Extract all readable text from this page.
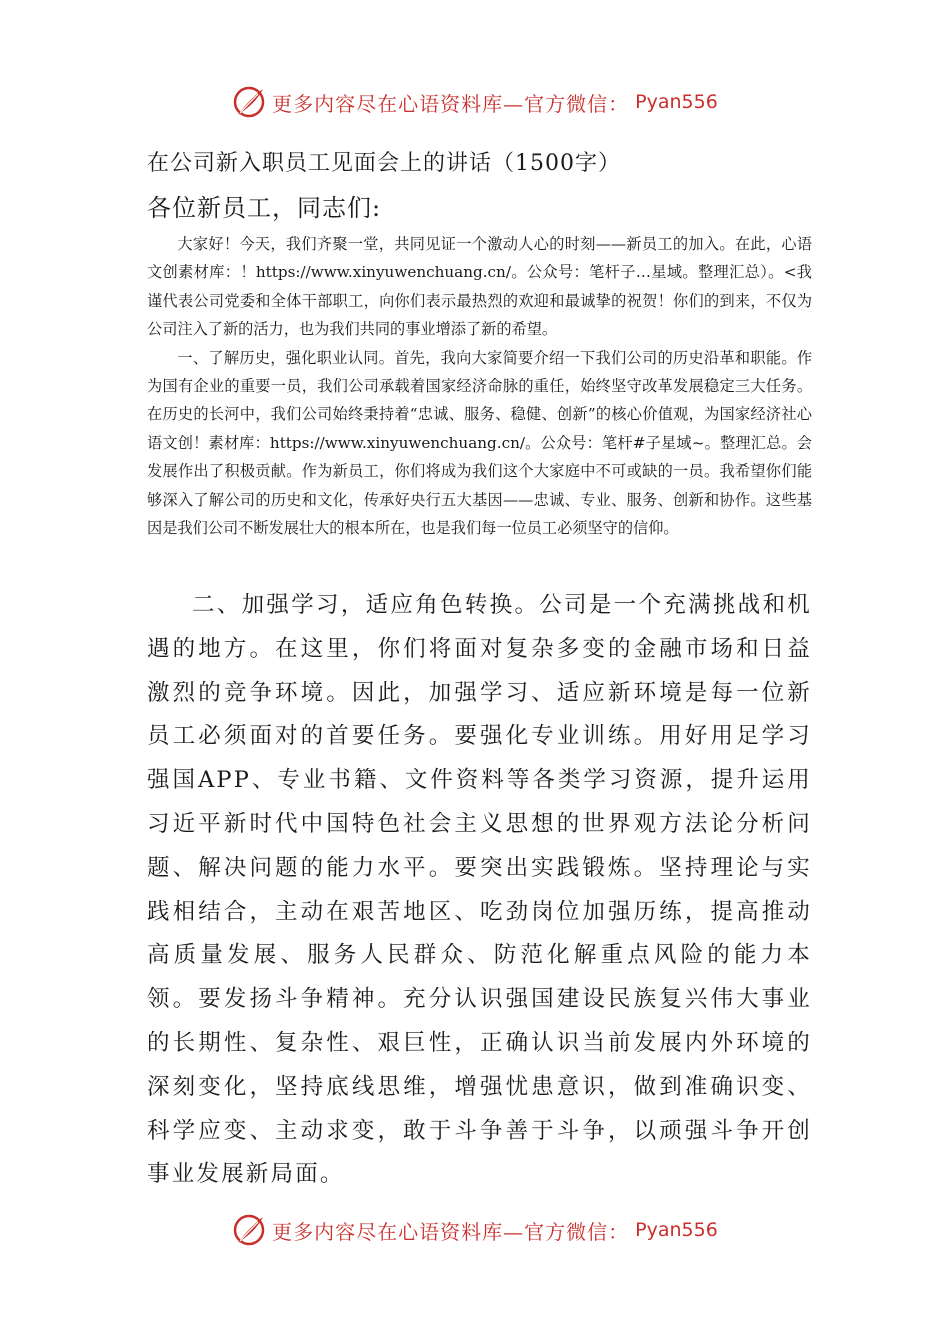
更多内容尽在心语资料库—官方微信： Pyan556
在公司新入职员工见面会上的讲话（1500字）
各位新员工，同志们:

大家好！今天，我们齐聚一堂，共同见证一个激动人心的时刻——新员工的加入。在此，心语文创素材库：！https://www.xinyuwenchuang.cn/。公众号：笔杆子…星域。整理汇总）。<我谨代表公司党委和全体干部职工，向你们表示最热烈的欢迎和最诚挚的祝贺！你们的到来，不仅为公司注入了新的活力，也为我们共同的事业增添了新的希望。

一、了解历史，强化职业认同。首先，我向大家简要介绍一下我们公司的历史沿革和职能。作为国有企业的重要一员，我们公司承载着国家经济命脉的重任，始终坚守改革发展稳定三大任务。在历史的长河中，我们公司始终秉持着“忠诚、服务、稳健、创新”的核心价值观，为国家经济社心语文创！素材库：https://www.xinyuwenchuang.cn/。公众号：笔杆#子星域~。整理汇总。会发展作出了积极贡献。作为新员工，你们将成为我们这个大家庭中不可或缺的一员。我希望你们能够深入了解公司的历史和文化，传承好央行五大基因——忠诚、专业、服务、创新和协作。这些基因是我们公司不断发展壮大的根本所在，也是我们每一位员工必须坚守的信仰。

二、加强学习，适应角色转换。公司是一个充满挑战和机遇的地方。在这里，你们将面对复杂多变的金融市场和日益激烈的竞争环境。因此，加强学习、适应新环境是每一位新员工必须面对的首要任务。要强化专业训练。用好用足学习强国APP、专业书籍、文件资料等各类学习资源，提升运用习近平新时代中国特色社会主义思想的世界观方法论分析问题、解决问题的能力水平。要突出实践锻炼。坚持理论与实践相结合，主动在艰苦地区、吃劲岗位加强历练，提高推动高质量发展、服务人民群众、防范化解重点风险的能力本领。要发扬斗争精神。充分认识强国建设民族复兴伟大事业的长期性、复杂性、艰巨性，正确认识当前发展内外环境的深刻变化，坚持底线思维，增强忧患意识，做到准确识变、科学应变、主动求变，敢于斗争善于斗争，以顽强斗争开创事业发展新局面。

更多内容尽在心语资料库—官方微信： Pyan556
